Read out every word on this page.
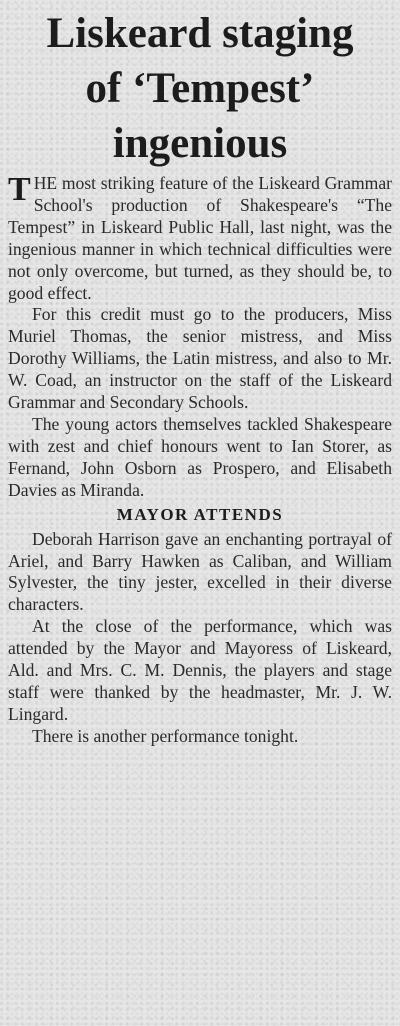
Liskeard staging
of ‘Tempest’
ingenious

THE most striking feature of the Liskeard Grammar School's production of Shakespeare's “The Tempest” in Liskeard Public Hall, last night, was the ingenious manner in which technical difficulties were not only overcome, but turned, as they should be, to good effect.

For this credit must go to the producers, Miss Muriel Thomas, the senior mistress, and Miss Dorothy Williams, the Latin mistress, and also to Mr. W. Coad, an instructor on the staff of the Liskeard Grammar and Secondary Schools.

The young actors themselves tackled Shakespeare with zest and chief honours went to Ian Storer, as Fernand, John Osborn as Prospero, and Elisabeth Davies as Miranda.

MAYOR ATTENDS

Deborah Harrison gave an enchanting portrayal of Ariel, and Barry Hawken as Caliban, and William Sylvester, the tiny jester, excelled in their diverse characters.

At the close of the performance, which was attended by the Mayor and Mayoress of Liskeard, Ald. and Mrs. C. M. Dennis, the players and stage staff were thanked by the headmaster, Mr. J. W. Lingard.

There is another performance tonight.
